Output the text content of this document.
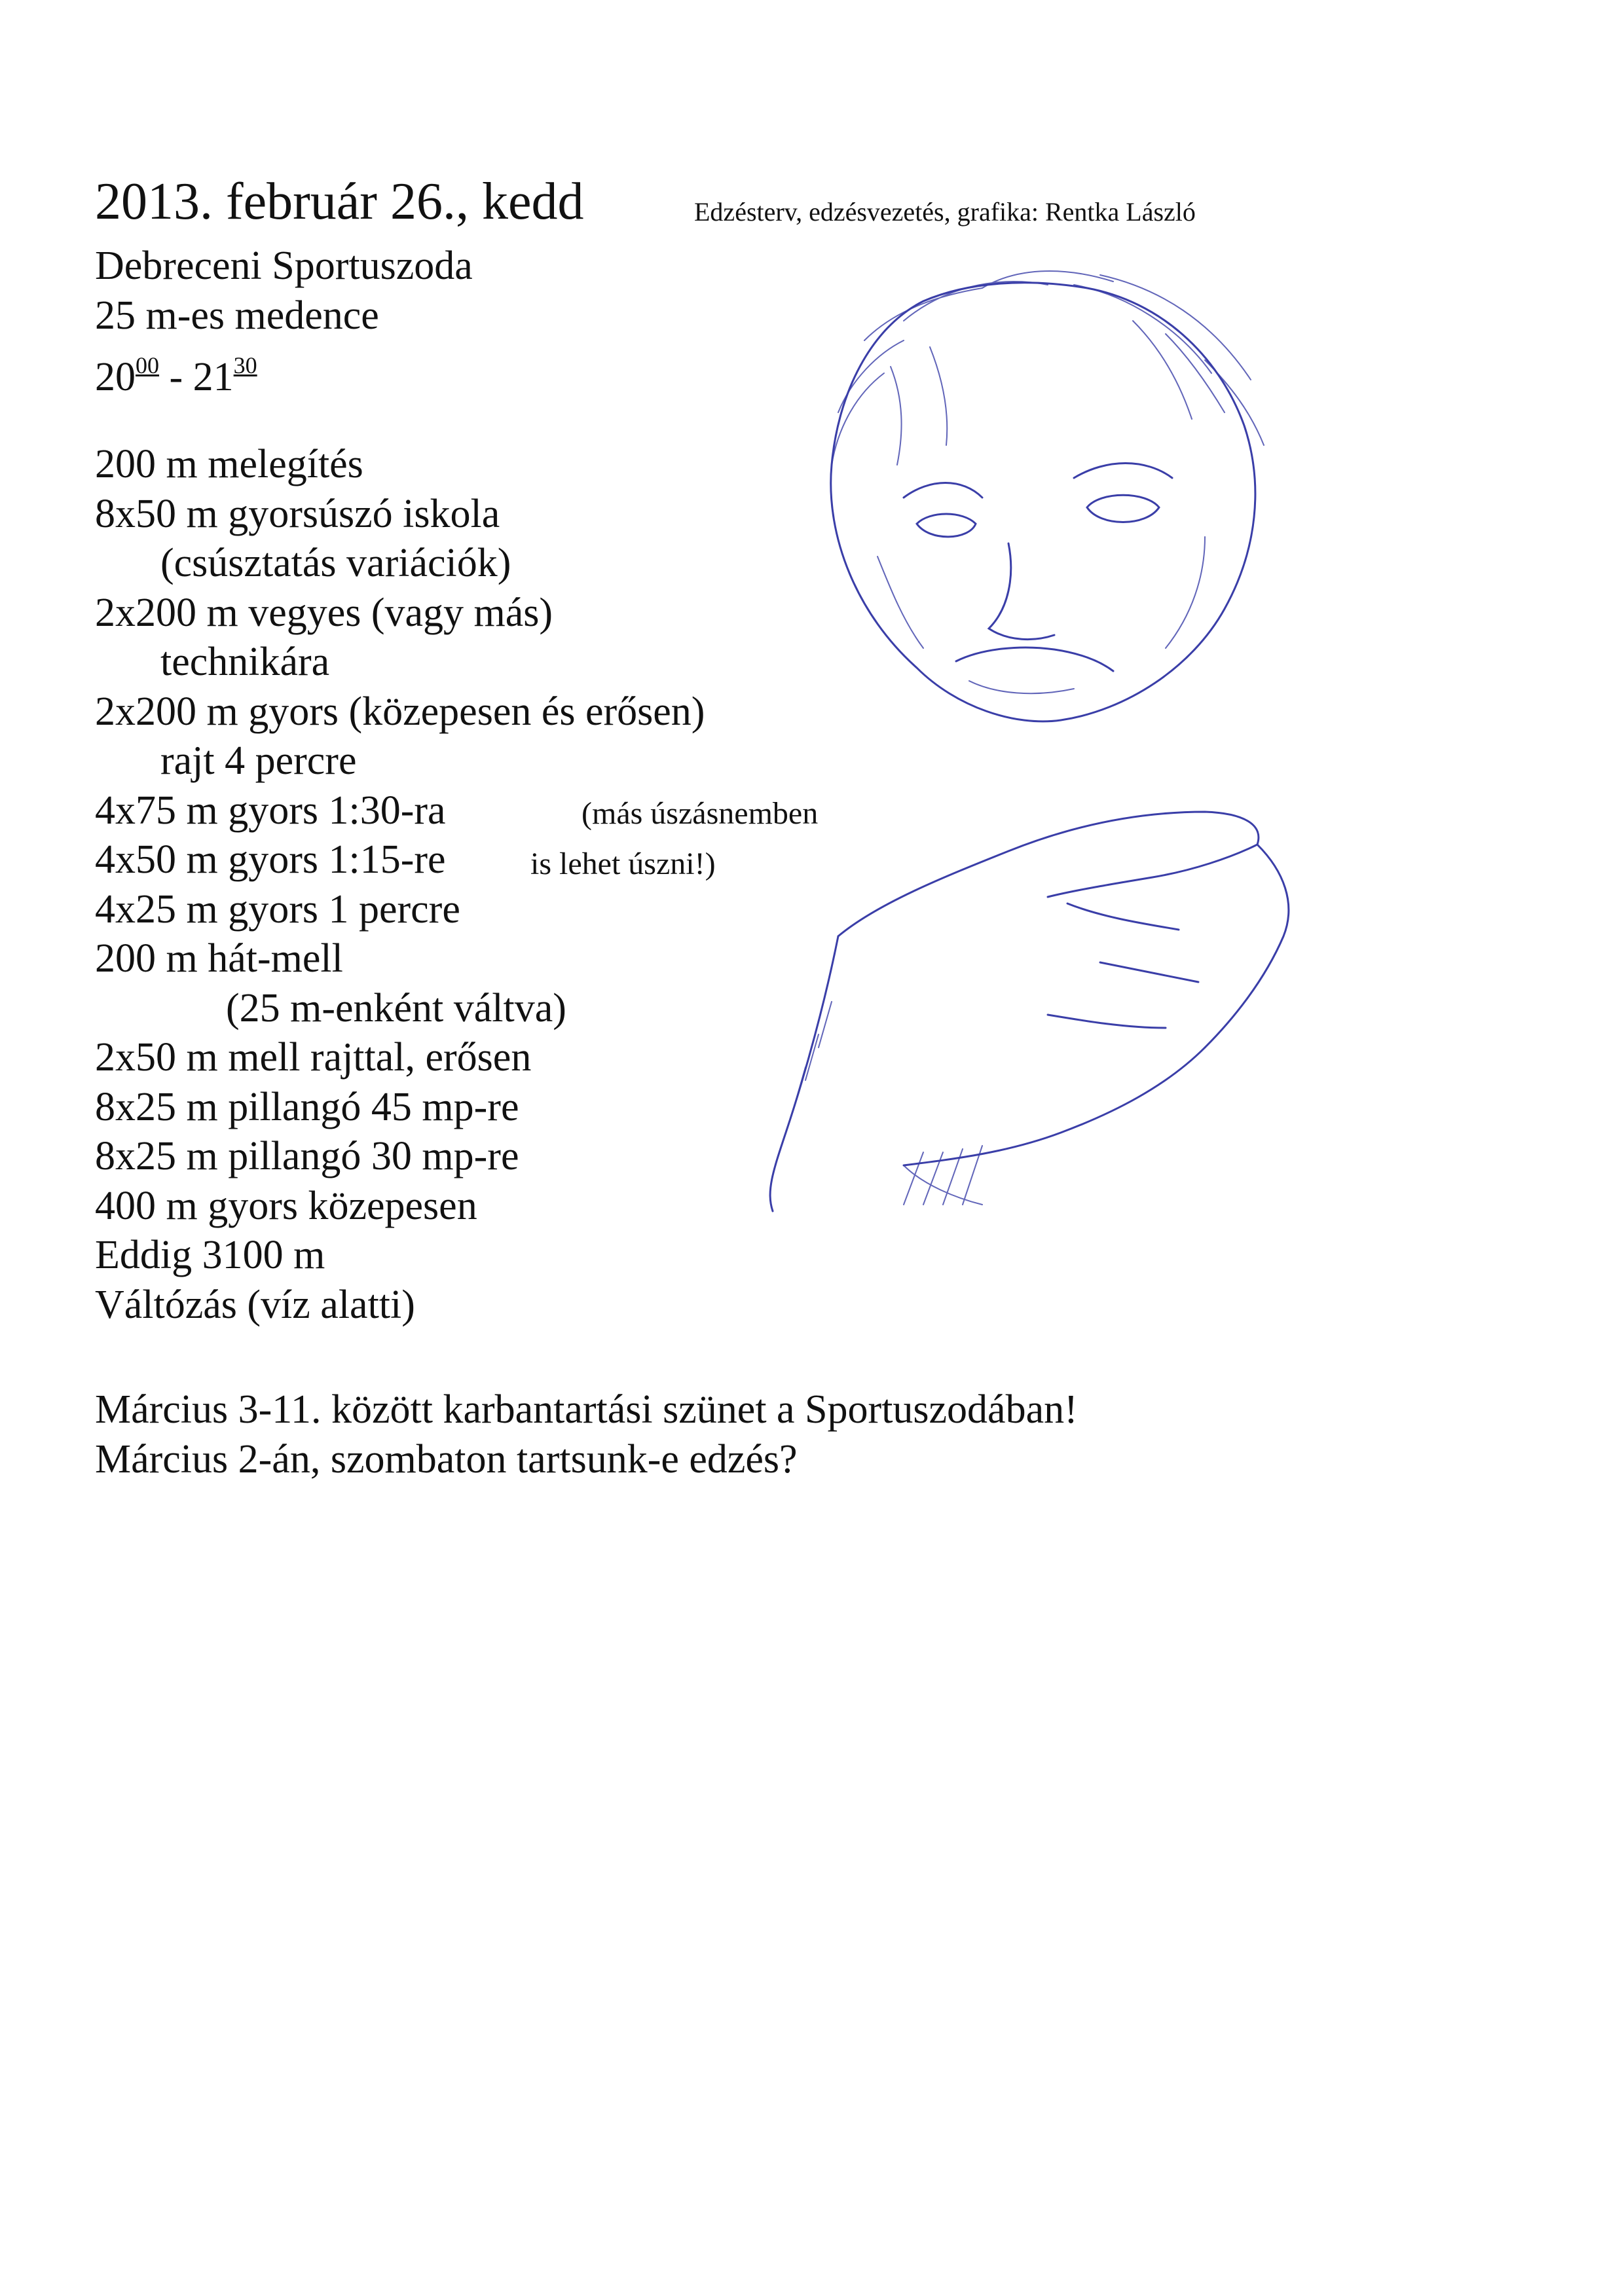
2013. február 26., kedd	Edzésterv, edzésvezetés, grafika: Rentka László
Debreceni Sportuszoda
25 m-es medence
$20^{00} - 21^{30}$
200 m melegítés
8x50 m gyorsúszó iskola
(csúsztatás variációk)
2x200 m vegyes (vagy más)
technikára
2x200 m gyors (közepesen és erősen)
rajt 4 percre
4x75 m gyors 1:30-ra
4x50 m gyors 1:15-re
4x25 m gyors 1 percre
200 m hát-mell
(25 m-enként váltva)
2x50 m mell rajttal, erősen
8x25 m pillangó 45 mp-re
8x25 m pillangó 30 mp-re
400 m gyors közepesen
Eddig 3100 m
Váltózás (víz alatti)
(más úszásnemben
is lehet úszni!)
Március 3-11. között karbantartási szünet a Sportuszodában!
Március 2-án, szombaton tartsunk-e edzés?
